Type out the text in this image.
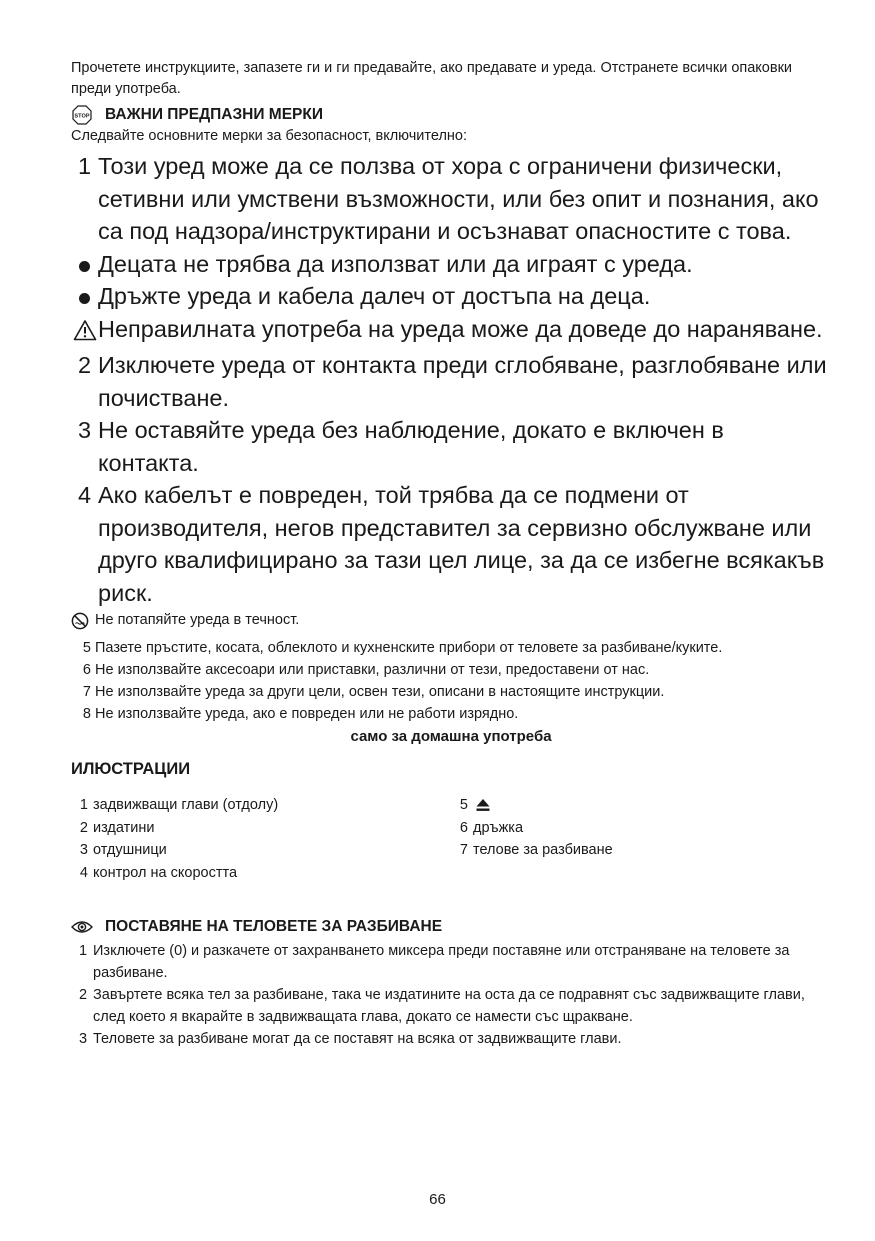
Прочетете инструкциите, запазете ги и ги предавайте, ако предавате и уреда. Отстранете всички опаковки преди употреба.
STOP ВАЖНИ ПРЕДПАЗНИ МЕРКИ
Следвайте основните мерки за безопасност, включително:
1 Този уред може да се ползва от хора с ограничени физически, сетивни или умствени възможности, или без опит и познания, ако са под надзора/инструктирани и осъзнават опасностите с това.
Децата не трябва да използват или да играят с уреда.
Дръжте уреда и кабела далеч от достъпа на деца.
Неправилната употреба на уреда може да доведе до нараняване.
2 Изключете уреда от контакта преди сглобяване, разглобяване или почистване.
3 Не оставяйте уреда без наблюдение, докато е включен в контакта.
4 Ако кабелът е повреден, той трябва да се подмени от производителя, негов представител за сервизно обслужване или друго квалифицирано за тази цел лице, за да се избегне всякакъв риск.
Не потапяйте уреда в течност.
5 Пазете пръстите, косата, облеклото и кухненските прибори от теловете за разбиване/куките.
6 Не използвайте аксесоари или приставки, различни от тези, предоставени от нас.
7 Не използвайте уреда за други цели, освен тези, описани в настоящите инструкции.
8 Не използвайте уреда, ако е повреден или не работи изрядно.
само за домашна употреба
ИЛЮСТРАЦИИ
1 задвижващи глави (отдолу)
2 издатини
3 отдушници
4 контрол на скоростта
5
6 дръжка
7 телове за разбиване
ПОСТАВЯНЕ НА ТЕЛОВЕТЕ ЗА РАЗБИВАНЕ
1 Изключете (0) и разкачете от захранването миксера преди поставяне или отстраняване на теловете за разбиване.
2 Завъртете всяка тел за разбиване, така че издатините на оста да се подравнят със задвижващите глави, след което я вкарайте в задвижващата глава, докато се намести със щракване.
3 Теловете за разбиване могат да се поставят на всяка от задвижващите глави.
66
